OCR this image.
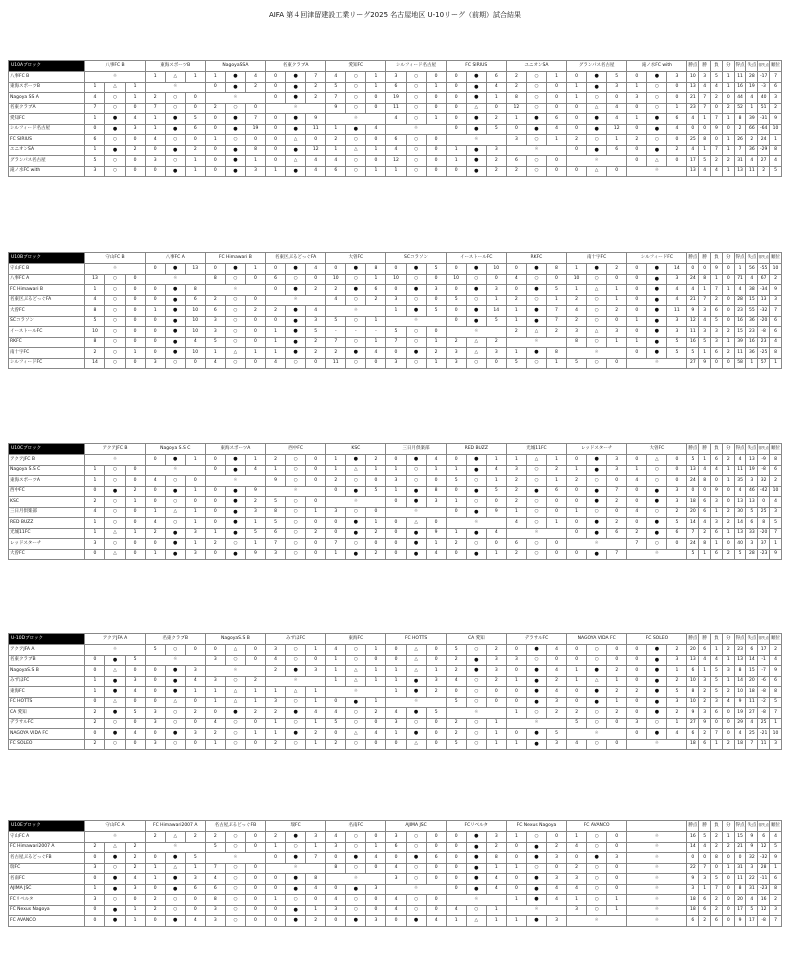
AIFA 第４回津留建設工業リーグ2025 名古屋地区 U-10リーグ（前期）試合結果
U10Aブロック	八事FC B			東海スポーツB			NagoyaSSA			名東クラブA			愛知FC			シルフィード名古屋			FC SIRIUS			ユニオンSA			グランパス名古屋			滝ノ水FC with			勝点	勝	負	分	得点	失点	得失点	順位
八事FC B	※			1	△	1	1	●	4	0	●	7	4	○	1	3	○	0	0	●	6	2	○	1	0	●	5	0	●	3	10	3	5	1	11	28	-17	7
東海スポーツB	1	△	1	※			0	●	2	0	●	2	5	○	1	6	○	1	0	●	4	2	○	0	1	●	3	1	○	0	13	4	4	1	16	19	-3	6
Nagoya SS A	4	○	1	2	○	0	※			0	●	2	7	○	0	19	○	0	0	●	1	8	○	0	1	○	0	3	○	0	21	7	2	0	44	4	40	3
名東クラブA	7	○	0	7	○	0	2	○	0	※			9	○	0	11	○	0	0	△	0	12	○	0	0	△	4	0	○	1	23	7	0	2	52	1	51	2
愛知FC	1	●	4	1	●	5	0	●	7	0	●	9	※			4	○	1	0	●	2	1	●	6	0	●	4	1	●	6	4	1	7	1	8	39	-31	9
シルフィード名古屋	0	●	3	1	●	6	0	●	19	0	●	11	1	●	4	※			0	●	5	0	●	4	0	●	12	0	●	4	0	0	9	0	2	66	-64	10
FC SIRIUS	6	○	0	4	○	0	1	○	0	0	△	0	2	○	0	6	○	0	※			3	○	1	2	○	1	2	○	0	25	8	0	1	26	2	24	1
ユニオンSA	1	●	2	0	●	2	0	●	8	0	●	12	1	△	1	4	○	0	1	●	3	※			0	●	6	0	●	2	4	1	7	1	7	36	-29	8
グランパス名古屋	5	○	0	3	○	1	0	●	1	0	△	4	4	○	0	12	○	0	1	●	2	6	○	0	※			0	△	0	17	5	2	2	31	4	27	4
滝ノ水FC with	3	○	0	0	●	1	0	●	3	1	●	4	6	○	1	1	○	0	0	●	2	2	○	0	0	△	0	※			13	4	4	1	13	11	2	5
U10Bブロック	守山FC B			八事FC A			FC Himawari B			名東区ぶるどっぐFA			大曽FC			SCコラソン			イーストールFC			RKFC			南十字FC			シルフィードFC			勝点	勝	負	分	得点	失点	得失点	順位
守山FC B	※			0	●	13	0	●	1	0	●	4	0	●	8	0	●	5	0	●	10	0	●	8	1	●	2	0	●	14	0	0	9	0	1	56	-55	10
八事FC A	13	○	0	※			8	○	0	6	○	0	10	○	1	10	○	0	10	○	0	4	○	0	10	○	0	0	●	3	24	8	1	0	71	4	67	2
FC Himawari B	1	○	0	0	●	8	※			0	●	2	2	●	6	0	●	3	0	●	3	0	●	5	1	△	1	0	●	4	4	1	7	1	4	38	-34	9
名東区ぶるどっぐFA	4	○	0	0	●	6	2	○	0	※			4	○	2	3	○	0	5	○	1	2	○	1	2	○	1	0	●	4	21	7	2	0	28	15	13	3
大曽FC	8	○	0	1	●	10	6	○	2	2	●	4	※			1	●	5	0	●	14	1	●	7	4	○	2	0	●	11	9	3	6	0	23	55	-32	7
SCコラソン	5	○	0	0	●	10	3	○	0	0	●	3	5	○	1	※			0	●	5	1	●	7	2	○	0	1	●	3	12	4	5	0	16	36	-20	6
イーストールFC	10	○	0	0	●	10	3	○	0	1	●	5	-	-	-	5	○	0	※			2	△	2	3	△	3	0	●	3	11	3	3	2	15	23	-8	6
RKFC	8	○	0	0	●	4	5	○	0	1	●	2	7	○	1	7	○	1	2	△	2	※			8	○	1	1	●	5	16	5	3	1	39	16	23	4
南十字FC	2	○	1	0	●	10	1	△	1	1	●	2	2	●	4	0	●	2	3	△	3	1	●	8	※			0	●	5	5	1	6	2	11	36	-25	8
シルフィードFC	14	○	0	3	○	0	4	○	0	4	○	0	11	○	0	3	○	1	3	○	0	5	○	1	5	○	0	※			27	9	0	0	58	1	57	1
U10Cブロック	アクアJFC B			Nagoya S.S C			東海スポーツA			西中FC			KSC			三日月倶楽部			RED BUZZ			光城11FC			レッドスターチ			大曽FC			勝点	勝	負	分	得点	失点	得失点	順位
アクアJFC B	※			0	●	1	0	●	1	2	○	0	1	●	2	0	●	4	0	●	1	1	△	1	0	●	3	0	△	0	5	1	6	2	4	13	-9	8
Nagoya S.S C	1	○	0	※			0	●	4	1	○	0	1	△	1	1	○	1	1	●	4	3	○	2	1	●	3	1	○	0	13	4	4	1	11	19	-8	6
東海スポーツA	1	○	0	4	○	0	※			9	○	0	2	○	0	3	○	0	5	○	1	2	○	1	2	○	0	4	○	0	24	8	0	1	35	3	32	2
西中FC	0	●	2	0	●	1	0	●	9	※			0	●	5	1	●	8	0	●	5	2	●	6	0	●	7	0	●	3	0	0	9	0	4	46	-42	10
KSC	2	○	1	0	○	0	0	●	2	5	○	0	※			0	●	3	1	○	0	2	○	0	0	●	2	0	●	3	18	6	3	0	13	13	0	4
三日月倶楽部	4	○	0	1	△	1	0	●	3	8	○	1	3	○	0	※			0	●	9	1	○	0	1	○	0	4	○	2	20	6	1	2	30	5	25	3
RED BUZZ	1	○	0	4	○	1	0	●	1	5	○	0	0	●	1	0	△	0	※			4	○	1	0	●	2	0	●	5	14	4	3	2	14	6	8	5
光城11FC	1	△	1	2	●	3	1	●	5	6	○	2	0	●	2	0	●	9	1	●	4	※			0	●	6	2	●	6	7	2	6	1	13	33	-20	7
レッドスターチ	3	○	0	0	●	1	2	○	1	7	○	0	7	○	0	0	●	1	2	○	0	6	○	0	※			7	○	0	24	8	1	0	40	3	37	1
大曽FC	0	△	0	1	●	3	0	●	9	3	○	0	1	●	2	0	●	4	0	●	1	2	○	0	0	●	7	※			5	1	6	2	5	28	-23	9
U-10Dブロック	アクアJFA A			名東クラブB			NagoyaS.S B			みずほFC			東海FC			FC HOTTS			CA 愛知			デラサルFC			NAGOYA VIDA FC			FC SOLEO			勝点	勝	負	分	得点	失点	得失点	順位
アクアJFA A	※			5	○	0	0	△	0	3	○	1	4	○	1	0	△	0	5	○	2	0	●	4	0	○	0	0	●	2	20	6	1	2	23	6	17	2
名東クラブB	0	●	5	※			3	○	0	4	○	0	1	○	0	0	△	0	2	●	3	3	○	0	0	○	0	0	●	3	13	4	4	1	13	14	-1	4
NagoyaS.S B	0	△	0	0	●	3	※			2	●	3	1	△	1	1	△	1	2	●	3	0	●	4	1	●	2	0	●	1	6	1	5	3	8	15	-7	9
みずほFC	1	●	3	0	●	4	3	○	2	※			1	△	1	1	●	3	4	○	2	1	●	2	1	△	1	0	●	2	10	3	5	1	14	20	-6	6
東海FC	1	●	4	0	●	1	1	△	1	1	△	1	※			1	●	2	0	○	0	0	●	4	0	●	2	2	●	5	8	2	5	2	10	18	-8	8
FC HOTTS	0	△	0	0	△	0	1	△	1	3	○	1	0	●	1	※			5	○	0	0	●	3	0	●	1	0	●	3	10	2	3	4	9	11	-2	5
CA 愛知	2	●	5	3	○	2	0	●	2	2	●	4	4	○	2	4	●	5	※			1	○	2	2	○	2	0	●	2	9	3	6	0	19	27	-8	7
デラサルFC	2	○	0	3	○	0	4	○	0	1	○	1	5	○	0	3	○	0	2	○	1	※			5	○	0	3	○	1	27	9	0	0	29	4	25	1
NAGOYA VIDA FC	0	●	4	0	●	3	2	○	1	1	●	2	0	△	4	1	●	0	2	○	1	0	●	5	※			0	●	4	6	2	7	0	4	25	-21	10
FC SOLEO	2	○	0	3	○	0	1	○	0	2	○	1	2	○	0	0	△	0	5	○	1	1	●	3	4	○	0	※			18	6	1	2	18	7	11	3
U10Eブロック	守山FC A			FC Himawari2007 A			名古屋ぶるどっぐFB			瑞FC			名南FC			AJIMA JSC			FCリベルタ			FC Nexus Nagoya			FC AVANCO				勝点	勝	負	分	得点	失点	得失点	順位
守山FC A	※			2	△	2	2	○	0	2	●	3	4	○	0	3	○	0	0	●	3	1	○	0	1	○	0	※	16	5	2	1	15	9	6	4
FC Himawari2007 A	2	△	2	※			5	○	0	1	○	1	3	○	1	6	○	0	0	●	2	0	●	2	4	○	0	※	14	4	2	2	21	9	12	5
名古屋ぶるどっぐFB	0	●	2	0	●	5	※			0	●	7	0	●	4	0	●	6	0	●	8	0	●	3	0	●	3	※	0	0	8	0	0	32	-32	9
瑞FC	3	○	2	1	△	1	7	○	0	※			8	○	0	4	○	0	0	●	1	1	○	0	2	○	0	※	22	7	0	1	31	3	28	1
名南FC	0	●	4	1	●	3	4	○	0	0	●	8	※			3	○	0	0	●	4	0	●	3	3	○	0	※	9	3	5	0	11	22	-11	6
AJIMA JSC	1	●	3	0	●	6	6	○	0	0	●	4	0	●	3	※			0	●	4	0	●	4	4	○	0	※	3	1	7	0	8	31	-23	8
FCリベルタ	3	○	0	2	○	0	8	○	0	1	○	0	4	○	0	4	○	0	※			1	●	4	1	○	1	※	18	6	2	0	20	4	16	2
FC Nexus Nagoya	0	●	1	2	○	0	3	○	0	0	●	1	3	○	0	4	○	0	4	○	1	※			3	○	1	※	18	6	2	0	17	5	12	3
FC AVANCO	0	●	1	0	●	4	3	○	0	0	●	2	0	●	3	0	●	4	1	△	1	1	●	3	※			※	6	2	6	0	9	17	-8	7
